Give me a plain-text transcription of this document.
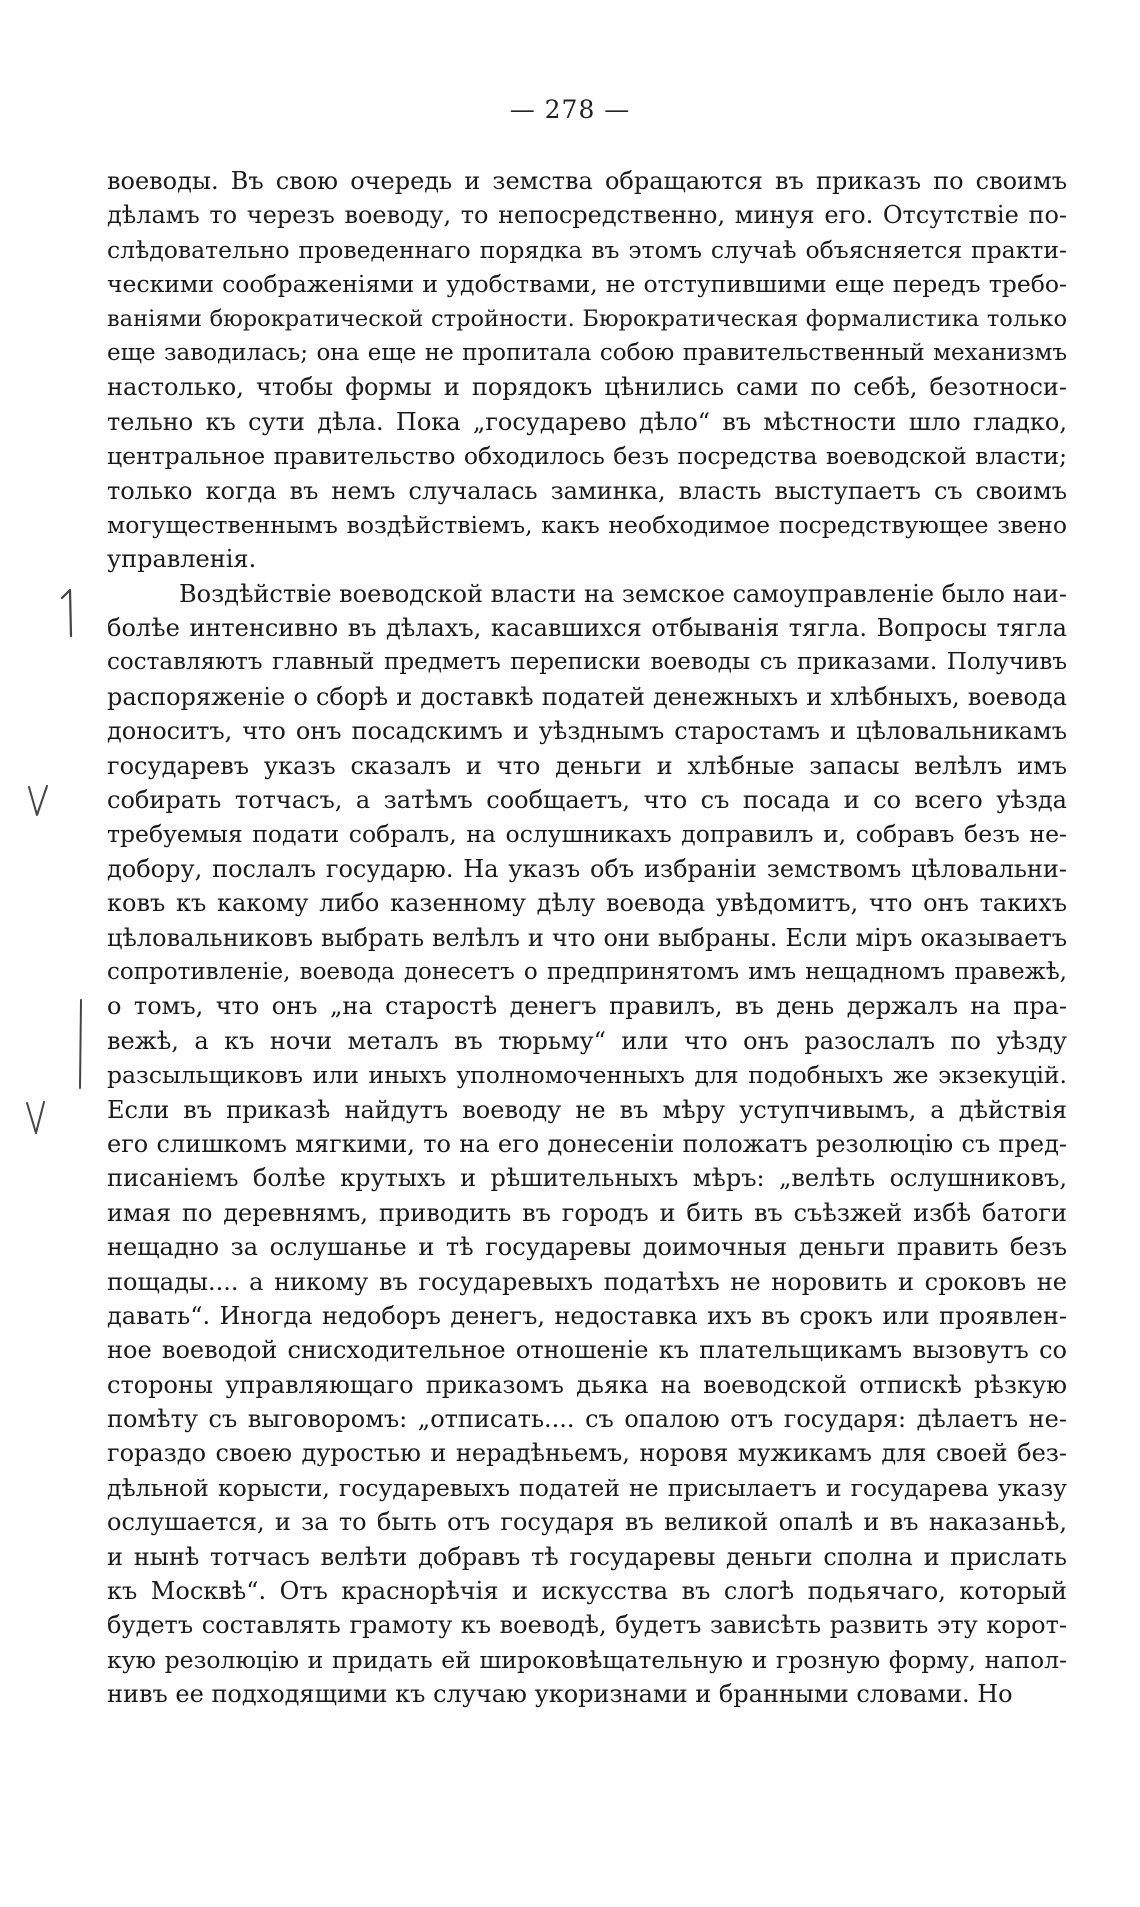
— 278 —
воеводы. Въ свою очередь и земства обращаются въ приказъ по своимъ
дѣламъ то черезъ воеводу, то непосредственно, минуя его. Отсутствіе по-
слѣдовательно проведеннаго порядка въ этомъ случаѣ объясняется практи-
ческими соображеніями и удобствами, не отступившими еще передъ требо-
ваніями бюрократической стройности. Бюрократическая формалистика только
еще заводилась; она еще не пропитала собою правительственный механизмъ
настолько, чтобы формы и порядокъ цѣнились сами по себѣ, безотноси-
тельно къ сути дѣла. Пока „государево дѣло“ въ мѣстности шло гладко,
центральное правительство обходилось безъ посредства воеводской власти;
только когда въ немъ случалась заминка, власть выступаетъ съ своимъ
могущественнымъ воздѣйствіемъ, какъ необходимое посредствующее звено
управленія.
Воздѣйствіе воеводской власти на земское самоуправленіе было наи-
болѣе интенсивно въ дѣлахъ, касавшихся отбыванія тягла. Вопросы тягла
составляютъ главный предметъ переписки воеводы съ приказами. Получивъ
распоряженіе о сборѣ и доставкѣ податей денежныхъ и хлѣбныхъ, воевода
доноситъ, что онъ посадскимъ и уѣзднымъ старостамъ и цѣловальникамъ
государевъ указъ сказалъ и что деньги и хлѣбные запасы велѣлъ имъ
собирать тотчасъ, а затѣмъ сообщаетъ, что съ посада и со всего уѣзда
требуемыя подати собралъ, на ослушникахъ доправилъ и, собравъ безъ не-
добору, послалъ государю. На указъ объ избраніи земствомъ цѣловальни-
ковъ къ какому либо казенному дѣлу воевода увѣдомитъ, что онъ такихъ
цѣловальниковъ выбрать велѣлъ и что они выбраны. Если міръ оказываетъ
сопротивленіе, воевода донесетъ о предпринятомъ имъ нещадномъ правежѣ,
о томъ, что онъ „на старостѣ денегъ правилъ, въ день держалъ на пра-
вежѣ, а къ ночи металъ въ тюрьму“ или что онъ разослалъ по уѣзду
разсыльщиковъ или иныхъ уполномоченныхъ для подобныхъ же экзекуцій.
Если въ приказѣ найдутъ воеводу не въ мѣру уступчивымъ, а дѣйствія
его слишкомъ мягкими, то на его донесеніи положатъ резолюцію съ пред-
писаніемъ болѣе крутыхъ и рѣшительныхъ мѣръ: „велѣть ослушниковъ,
имая по деревнямъ, приводить въ городъ и бить въ съѣзжей избѣ батоги
нещадно за ослушанье и тѣ государевы доимочныя деньги править безъ
пощады.... а никому въ государевыхъ податѣхъ не норовить и сроковъ не
давать“. Иногда недоборъ денегъ, недоставка ихъ въ срокъ или проявлен-
ное воеводой снисходительное отношеніе къ плательщикамъ вызовутъ со
стороны управляющаго приказомъ дьяка на воеводской отпискѣ рѣзкую
помѣту съ выговоромъ: „отписать.... съ опалою отъ государя: дѣлаетъ не-
гораздо своею дуростью и нерадѣньемъ, норовя мужикамъ для своей без-
дѣльной корысти, государевыхъ податей не присылаетъ и государева указу
ослушается, и за то быть отъ государя въ великой опалѣ и въ наказаньѣ,
и нынѣ тотчасъ велѣти добравъ тѣ государевы деньги сполна и прислать
къ Москвѣ“. Отъ краснорѣчія и искусства въ слогѣ подьячаго, который
будетъ составлять грамоту къ воеводѣ, будетъ зависѣть развить эту корот-
кую резолюцію и придать ей широковѣщательную и грозную форму, напол-
нивъ ее подходящими къ случаю укоризнами и бранными словами. Но
